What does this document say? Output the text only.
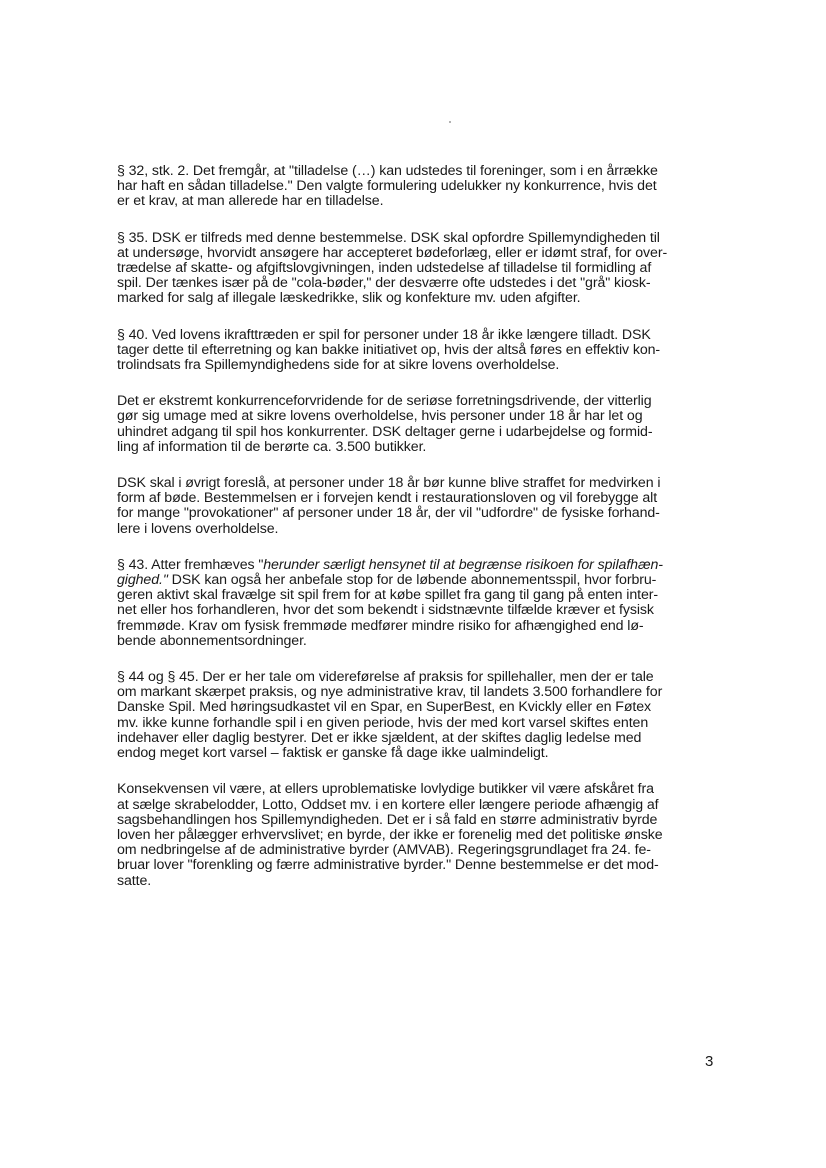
§ 32, stk. 2. Det fremgår, at "tilladelse (…) kan udstedes til foreninger, som i en årrække
har haft en sådan tilladelse." Den valgte formulering udelukker ny konkurrence, hvis det
er et krav, at man allerede har en tilladelse.

§ 35. DSK er tilfreds med denne bestemmelse. DSK skal opfordre Spillemyndigheden til
at undersøge, hvorvidt ansøgere har accepteret bødeforlæg, eller er idømt straf, for over-
trædelse af skatte- og afgiftslovgivningen, inden udstedelse af tilladelse til formidling af
spil. Der tænkes især på de "cola-bøder," der desværre ofte udstedes i det "grå" kiosk-
marked for salg af illegale læskedrikke, slik og konfekture mv. uden afgifter.

§ 40. Ved lovens ikrafttræden er spil for personer under 18 år ikke længere tilladt. DSK
tager dette til efterretning og kan bakke initiativet op, hvis der altså føres en effektiv kon-
trolindsats fra Spillemyndighedens side for at sikre lovens overholdelse.

Det er ekstremt konkurrenceforvridende for de seriøse forretningsdrivende, der vitterlig
gør sig umage med at sikre lovens overholdelse, hvis personer under 18 år har let og
uhindret adgang til spil hos konkurrenter. DSK deltager gerne i udarbejdelse og formid-
ling af information til de berørte ca. 3.500 butikker.

DSK skal i øvrigt foreslå, at personer under 18 år bør kunne blive straffet for medvirken i
form af bøde. Bestemmelsen er i forvejen kendt i restaurationsloven og vil forebygge alt
for mange "provokationer" af personer under 18 år, der vil "udfordre" de fysiske forhand-
lere i lovens overholdelse.

§ 43. Atter fremhæves "herunder særligt hensynet til at begrænse risikoen for spilafhæn-
gighed." DSK kan også her anbefale stop for de løbende abonnementsspil, hvor forbru-
geren aktivt skal fravælge sit spil frem for at købe spillet fra gang til gang på enten inter-
net eller hos forhandleren, hvor det som bekendt i sidstnævnte tilfælde kræver et fysisk
fremmøde. Krav om fysisk fremmøde medfører mindre risiko for afhængighed end lø-
bende abonnementsordninger.

§ 44 og § 45. Der er her tale om videreførelse af praksis for spillehaller, men der er tale
om markant skærpet praksis, og nye administrative krav, til landets 3.500 forhandlere for
Danske Spil. Med høringsudkastet vil en Spar, en SuperBest, en Kvickly eller en Føtex
mv. ikke kunne forhandle spil i en given periode, hvis der med kort varsel skiftes enten
indehaver eller daglig bestyrer. Det er ikke sjældent, at der skiftes daglig ledelse med
endog meget kort varsel – faktisk er ganske få dage ikke ualmindeligt.

Konsekvensen vil være, at ellers uproblematiske lovlydige butikker vil være afskåret fra
at sælge skrabelodder, Lotto, Oddset mv. i en kortere eller længere periode afhængig af
sagsbehandlingen hos Spillemyndigheden. Det er i så fald en større administrativ byrde
loven her pålægger erhvervslivet; en byrde, der ikke er forenelig med det politiske ønske
om nedbringelse af de administrative byrder (AMVAB). Regeringsgrundlaget fra 24. fe-
bruar lover "forenkling og færre administrative byrder." Denne bestemmelse er det mod-
satte.

3
